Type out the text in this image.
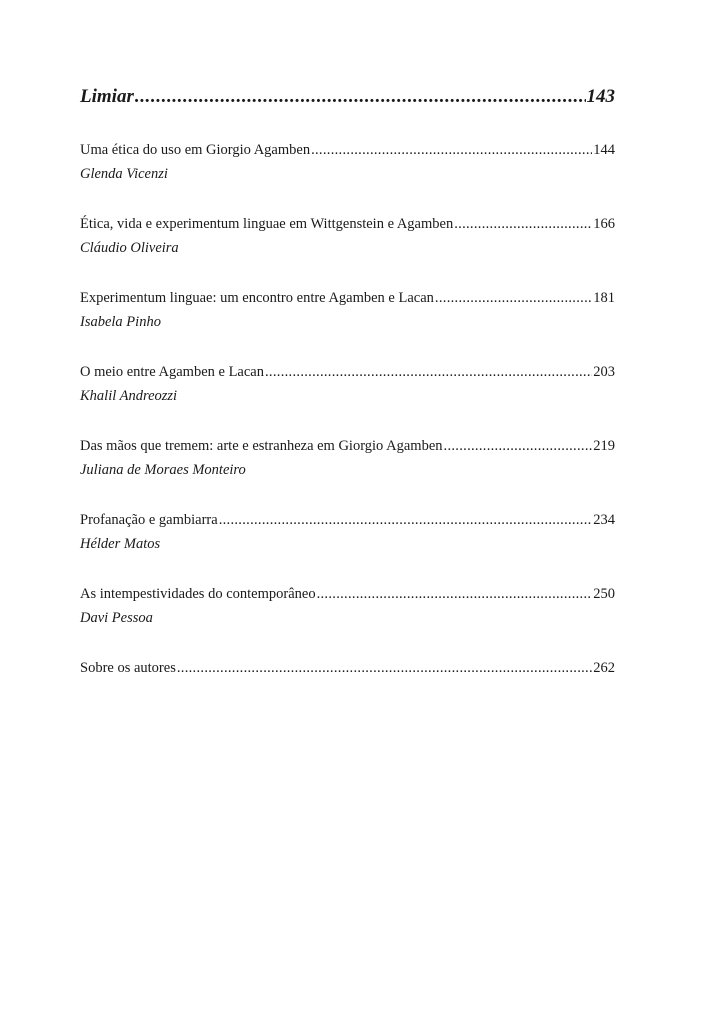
Limiar .....	143
Uma ética do uso em Giorgio Agamben .....	144
Glenda Vicenzi
Ética, vida e experimentum linguae em Wittgenstein e Agamben .....	166
Cláudio Oliveira
Experimentum linguae: um encontro entre Agamben e Lacan .....	181
Isabela Pinho
O meio entre Agamben e Lacan .....	203
Khalil Andreozzi
Das mãos que tremem: arte e estranheza em Giorgio Agamben .....	219
Juliana de Moraes Monteiro
Profanação e gambiarra .....	234
Hélder Matos
As intempestividades do contemporâneo .....	250
Davi Pessoa
Sobre os autores .....	262
